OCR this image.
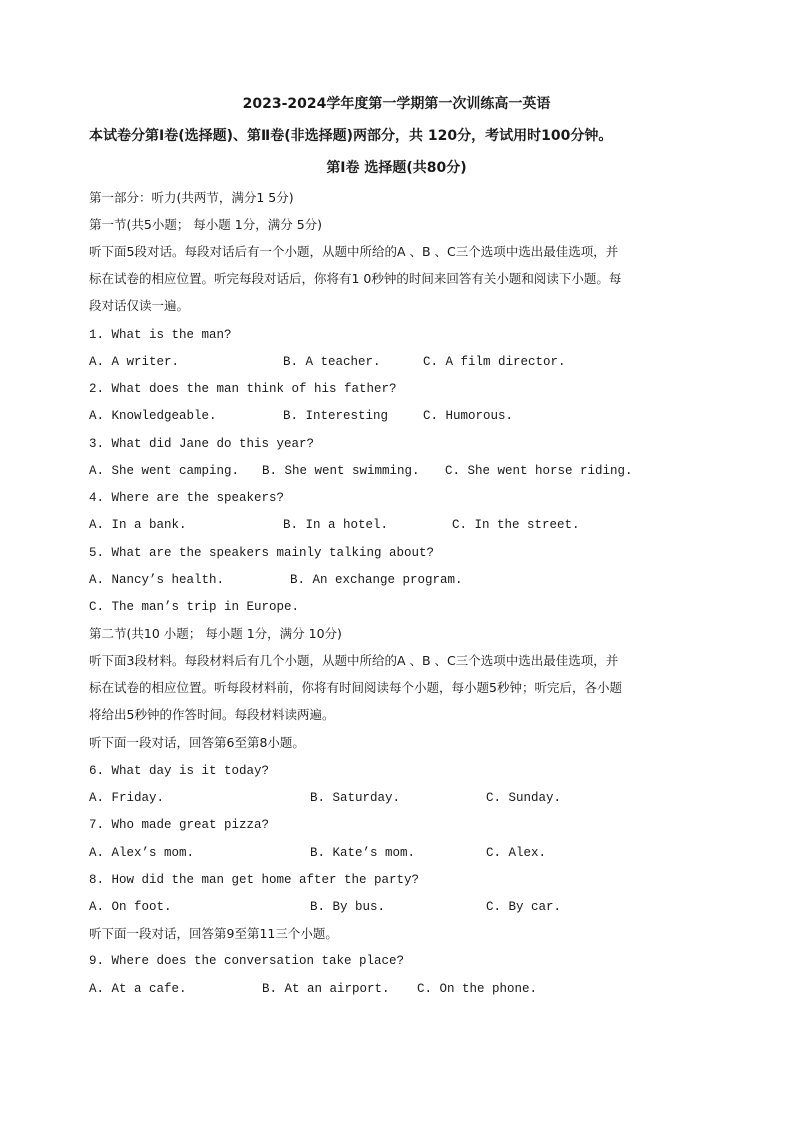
2023-2024学年度第一学期第一次训练高一英语
本试卷分第Ⅰ卷(选择题)、第Ⅱ卷(非选择题)两部分，共 120分，考试用时100分钟。
第Ⅰ卷 选择题(共80分)
第一部分：听力(共两节，满分1 5分)
第一节(共5小题； 每小题 1分，满分 5分)
听下面5段对话。每段对话后有一个小题，从题中所给的A 、B 、C三个选项中选出最佳选项，并
标在试卷的相应位置。听完每段对话后，你将有1 0秒钟的时间来回答有关小题和阅读下小题。每
段对话仅读一遍。
1. What is the man?
A. A writer.	B. A teacher.	C. A film director.
2. What does the man think of his father?
A. Knowledgeable.	B. Interesting	C. Humorous.
3. What did Jane do this year?
A. She went camping. B. She went swimming. C. She went horse riding.
4. Where are the speakers?
A. In a bank.	B. In a hotel.	C. In the street.
5. What are the speakers mainly talking about?
A. Nancy’s health.	B. An exchange program.
C. The man’s trip in Europe.
第二节(共10 小题； 每小题 1分，满分 10分)
听下面3段材料。每段材料后有几个小题，从题中所给的A 、B 、C三个选项中选出最佳选项，并
标在试卷的相应位置。听每段材料前，你将有时间阅读每个小题，每小题5秒钟；听完后，各小题
将给出5秒钟的作答时间。每段材料读两遍。
听下面一段对话，回答第6至第8小题。
6. What day is it today?
A. Friday.	B. Saturday.	C. Sunday.
7. Who made great pizza?
A. Alex’s mom.	B. Kate’s mom.	C. Alex.
8. How did the man get home after the party?
A. On foot.	B. By bus.	C. By car.
听下面一段对话，回答第9至第11三个小题。
9. Where does the conversation take place?
A. At a cafe.	B. At an airport. C. On the phone.
